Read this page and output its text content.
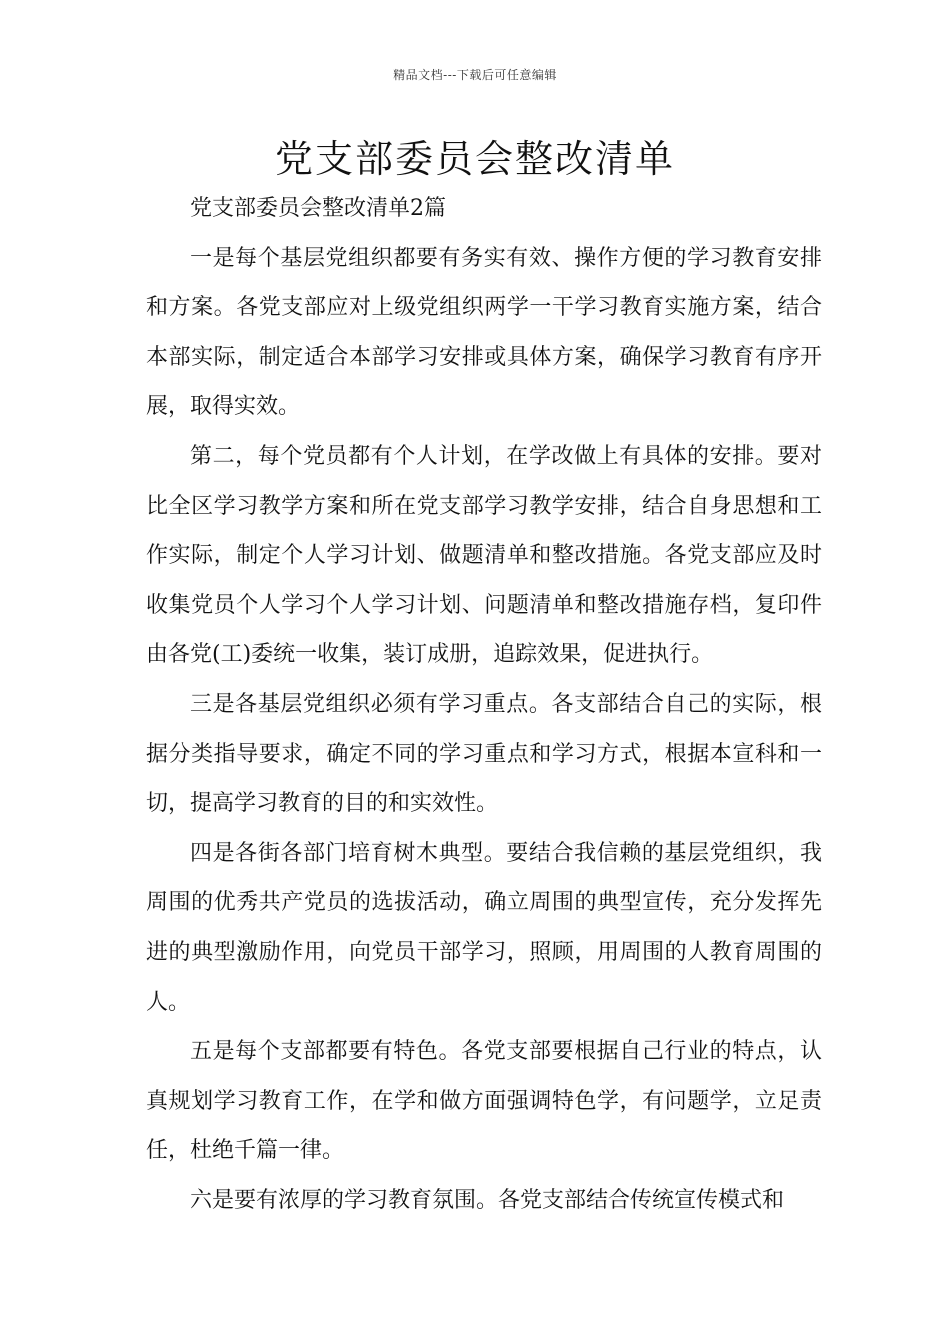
精品文档---下载后可任意编辑
党支部委员会整改清单

党支部委员会整改清单2篇

一是每个基层党组织都要有务实有效、操作方便的学习教育安排和方案。各党支部应对上级党组织两学一干学习教育实施方案，结合本部实际，制定适合本部学习安排或具体方案，确保学习教育有序开展，取得实效。

第二，每个党员都有个人计划，在学改做上有具体的安排。要对比全区学习教学方案和所在党支部学习教学安排，结合自身思想和工作实际，制定个人学习计划、做题清单和整改措施。各党支部应及时收集党员个人学习个人学习计划、问题清单和整改措施存档，复印件由各党(工)委统一收集，装订成册，追踪效果，促进执行。

三是各基层党组织必须有学习重点。各支部结合自己的实际，根据分类指导要求，确定不同的学习重点和学习方式，根据本宣科和一切，提高学习教育的目的和实效性。

四是各街各部门培育树木典型。要结合我信赖的基层党组织，我周围的优秀共产党员的选拔活动，确立周围的典型宣传，充分发挥先进的典型激励作用，向党员干部学习，照顾，用周围的人教育周围的人。

五是每个支部都要有特色。各党支部要根据自己行业的特点，认真规划学习教育工作，在学和做方面强调特色学，有问题学，立足责任，杜绝千篇一律。

六是要有浓厚的学习教育氛围。各党支部结合传统宣传模式和
